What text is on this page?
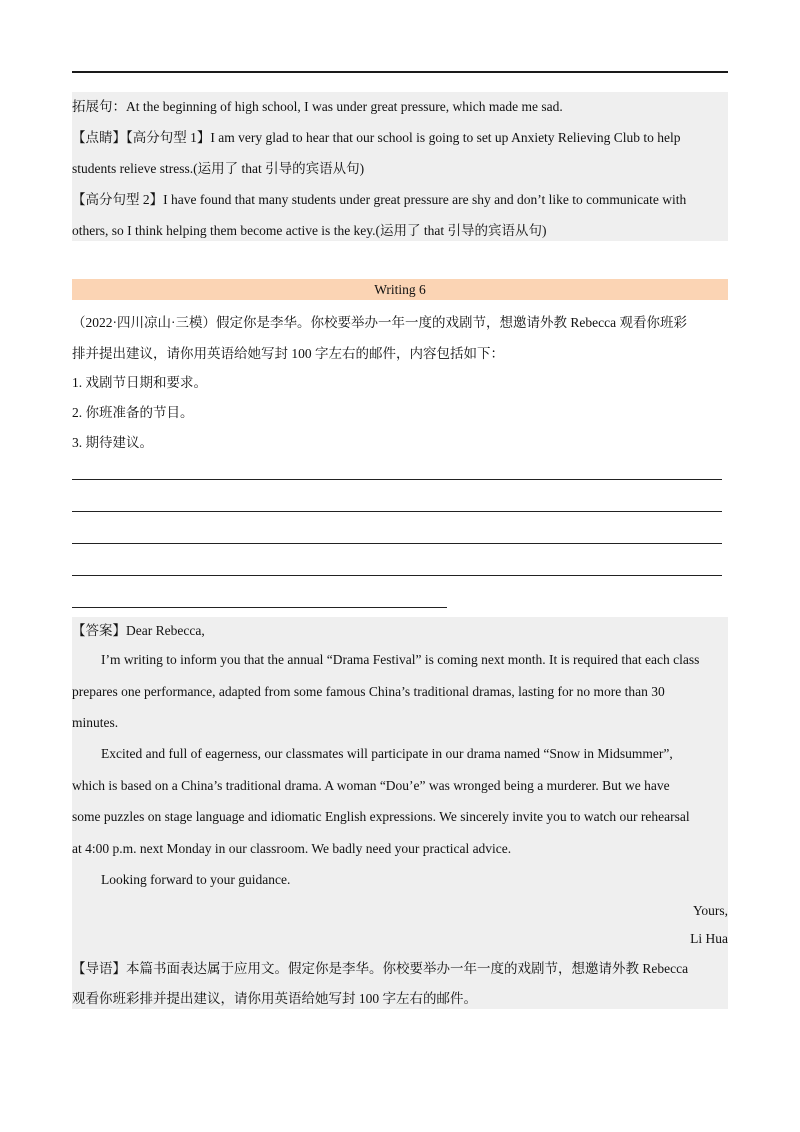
拓展句：At the beginning of high school, I was under great pressure, which made me sad.
【点睛】【高分句型 1】I am very glad to hear that our school is going to set up Anxiety Relieving Club to help
students relieve stress.(运用了 that 引导的宾语从句)
【高分句型 2】I have found that many students under great pressure are shy and don’t like to communicate with
others, so I think helping them become active is the key.(运用了 that 引导的宾语从句)
Writing 6
（2022·四川凉山·三模）假定你是李华。你校要举办一年一度的戏剧节，想邀请外教 Rebecca 观看你班彩
排并提出建议，请你用英语给她写封 100 字左右的邮件，内容包括如下：
1. 戏剧节日期和要求。
2. 你班准备的节目。
3. 期待建议。
【答案】Dear Rebecca,
I’m writing to inform you that the annual “Drama Festival” is coming next month. It is required that each class
prepares one performance, adapted from some famous China’s traditional dramas, lasting for no more than 30
minutes.
Excited and full of eagerness, our classmates will participate in our drama named “Snow in Midsummer”,
which is based on a China’s traditional drama. A woman “Dou’e” was wronged being a murderer. But we have
some puzzles on stage language and idiomatic English expressions. We sincerely invite you to watch our rehearsal
at 4:00 p.m. next Monday in our classroom. We badly need your practical advice.
Looking forward to your guidance.
Yours,
Li Hua
【导语】本篇书面表达属于应用文。假定你是李华。你校要举办一年一度的戏剧节，想邀请外教 Rebecca
观看你班彩排并提出建议，请你用英语给她写封 100 字左右的邮件。
